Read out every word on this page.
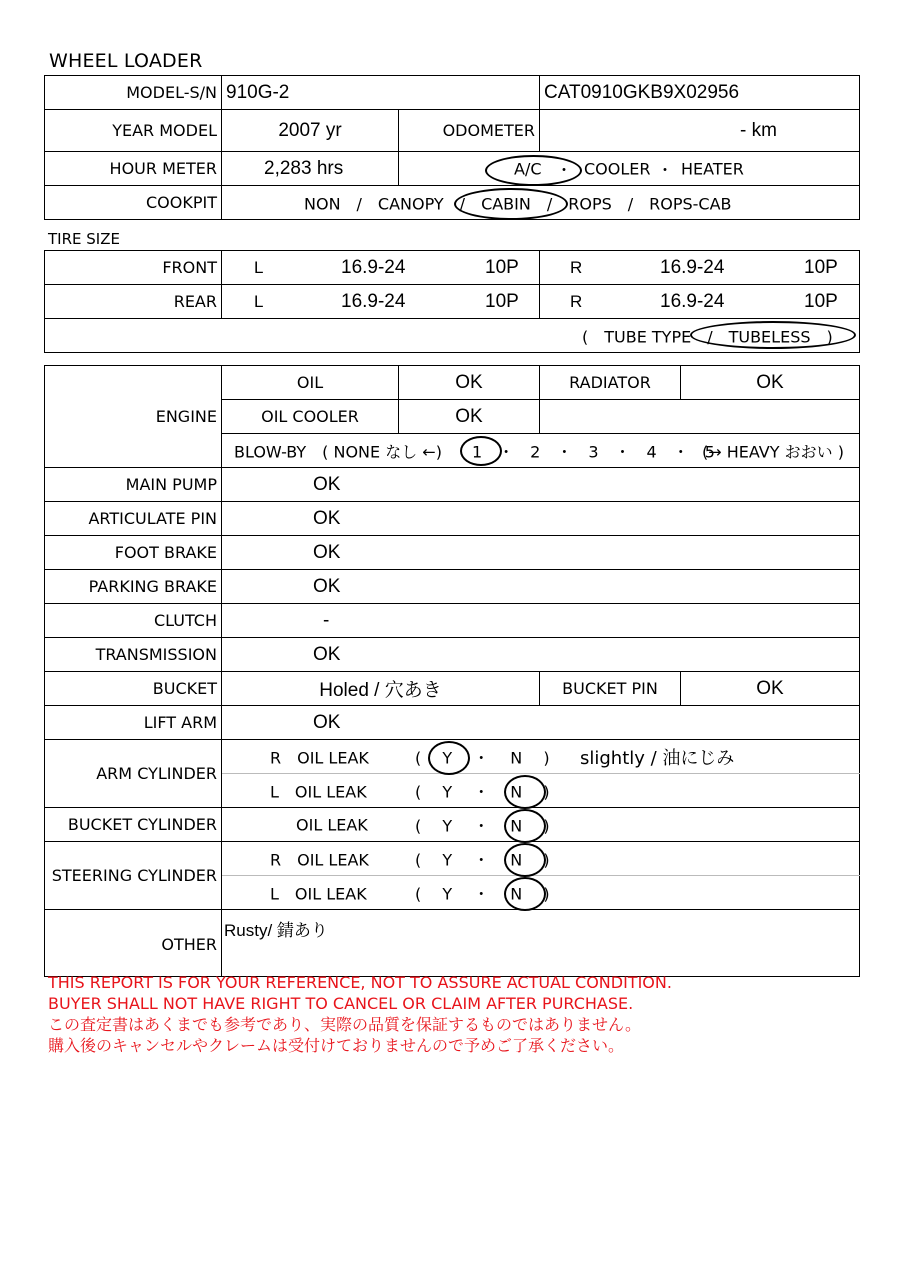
WHEEL LOADER
MODEL-S/N	910G-2		CAT0910GKB9X02956
YEAR MODEL	2007 yr	ODOMETER	- km
HOUR METER	2,283 hrs	A/C ・ COOLER ・ HEATER	

COOKPIT	NON　/　CANOPY　/　CABIN　/　ROPS　/　ROPS-CAB		
TIRE SIZE
FRONT	L 16.9-24 10P	R 16.9-24 10P

REAR	L 16.9-24 10P	R 16.9-24 10P

(　TUBE TYPE　/　TUBELESS　)		
ENGINE	OIL	OK	RADIATOR	OK
	OIL COOLER	OK		

	BLOW-BY　( NONE なし ←) 1　・　2　・　3　・　4　・　5
(→ HEAVY おおい )			

MAIN PUMP	OK			
ARTICULATE PIN	OK			
FOOT BRAKE	OK			
PARKING BRAKE	OK			
CLUTCH	-			
TRANSMISSION	OK			
BUCKET	Holed / 穴あき		BUCKET PIN	OK
LIFT ARM	OK			
ARM CYLINDER	R　OIL LEAK (　 Y　 ・　 N　 ) slightly / 油にじみ			

	L　OIL LEAK (　 Y　 ・　 N　 )			

BUCKET CYLINDER	OIL LEAK (　 Y　 ・　 N　 )			

STEERING CYLINDER	R　OIL LEAK (　 Y　 ・　 N　 )			

	L　OIL LEAK (　 Y　 ・　 N　 )			

OTHER	Rusty/ 錆あり			
THIS REPORT IS FOR YOUR REFERENCE, NOT TO ASSURE ACTUAL CONDITION.
BUYER SHALL NOT HAVE RIGHT TO CANCEL OR CLAIM AFTER PURCHASE.
この査定書はあくまでも参考であり、実際の品質を保証するものではありません。
購入後のキャンセルやクレームは受付けておりませんので予めご了承ください。
